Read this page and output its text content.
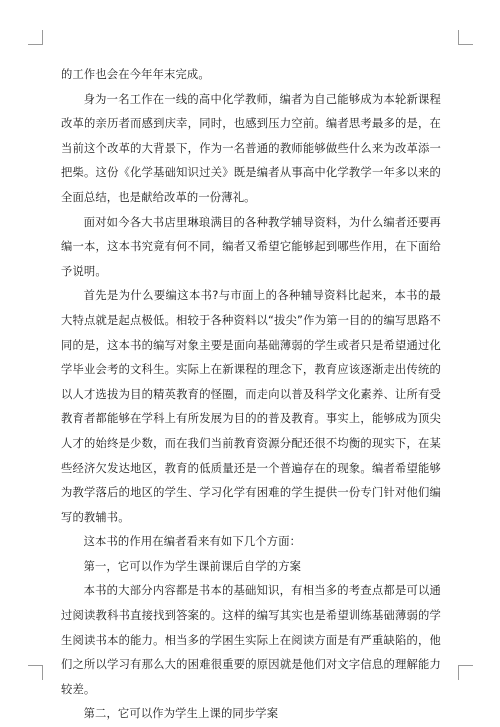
的工作也会在今年年末完成。

身为一名工作在一线的高中化学教师，编者为自己能够成为本轮新课程改革的亲历者而感到庆幸，同时，也感到压力空前。编者思考最多的是，在当前这个改革的大背景下，作为一名普通的教师能够做些什么来为改革添一把柴。这份《化学基础知识过关》既是编者从事高中化学教学一年多以来的全面总结，也是献给改革的一份薄礼。

面对如今各大书店里琳琅满目的各种教学辅导资料，为什么编者还要再编一本，这本书究竟有何不同，编者又希望它能够起到哪些作用，在下面给予说明。

首先是为什么要编这本书?与市面上的各种辅导资料比起来，本书的最大特点就是起点极低。相较于各种资料以“拔尖”作为第一目的的编写思路不同的是，这本书的编写对象主要是面向基础薄弱的学生或者只是希望通过化学毕业会考的文科生。实际上在新课程的理念下，教育应该逐渐走出传统的以人才选拔为目的精英教育的怪圈，而走向以普及科学文化素养、让所有受教育者都能够在学科上有所发展为目的的普及教育。事实上，能够成为顶尖人才的始终是少数，而在我们当前教育资源分配还很不均衡的现实下，在某些经济欠发达地区，教育的低质量还是一个普遍存在的现象。编者希望能够为教学落后的地区的学生、学习化学有困难的学生提供一份专门针对他们编写的教辅书。

这本书的作用在编者看来有如下几个方面：

第一，它可以作为学生课前课后自学的方案

本书的大部分内容都是书本的基础知识，有相当多的考查点都是可以通过阅读教科书直接找到答案的。这样的编写其实也是希望训练基础薄弱的学生阅读书本的能力。相当多的学困生实际上在阅读方面是有严重缺陷的，他们之所以学习有那么大的困难很重要的原因就是他们对文字信息的理解能力较差。

第二，它可以作为学生上课的同步学案
